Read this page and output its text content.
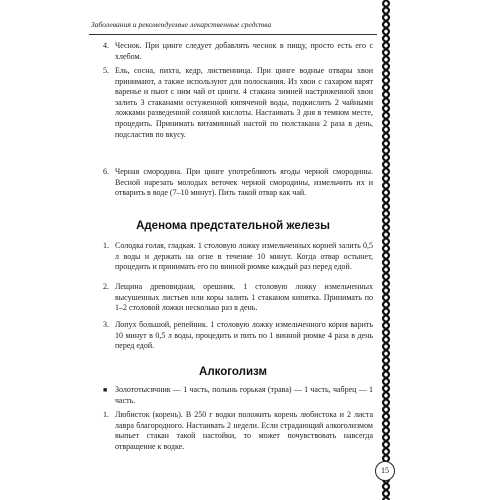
Заболевания и рекомендуемые лекарственные средства
4. Чеснок. При цинге следует добавлять чеснок в пищу, просто есть его с хлебом.
5. Ель, сосна, пихта, кедр, лиственница. При цинге водные отвары хвои принимают, а также используют для полоскания. Из хвои с сахаром варят варенье и пьют с ним чай от цинги. 4 стакана зимней настриженной хвои залить 3 стаканами остуженной кипяченой воды, подкислить 2 чайными ложками разведенной соляной кислоты. Настаивать 3 дня в темном месте, процедить. Принимать витаминный настой по полстакана 2 раза в день, подсластив по вкусу.
6. Черная смородина. При цинге употребляють ягоды черной смородины. Весной нарезать молодых веточек черной смородины, измельчить их и отварить в воде (7–10 минут). Пить такой отвар как чай.
Аденома предстательной железы
1. Солодка голая, гладкая. 1 столовую ложку измельченных корней залить 0,5 л воды и держать на огне в течение 10 минут. Когда отвар остынет, процедить и принимать его по винной рюмке каждый раз перед едой.
2. Лещина древовидная, орешник. 1 столовую ложку измельченных высушенных листьев или коры залить 1 стаканом кипятка. Принимать по 1–2 столовой ложки несколько раз в день.
3. Лопух большой, репейник. 1 столовую ложку измельченного корня варить 10 минут в 0,5 л воды, процедить и пить по 1 винной рюмке 4 раза в день перед едой.
Алкоголизм
■ Золототысячник — 1 часть, полынь горькая (трава) — 1 часть, чабрец — 1 часть.
1. Любисток (корень). В 250 г водки положить корень любистока и 2 листа лавра благородного. Настаивать 2 недели. Если страдающий алкоголизмом выпьет стакан такой настойки, то может почувствовать навсегда отвращение к водке.
15
